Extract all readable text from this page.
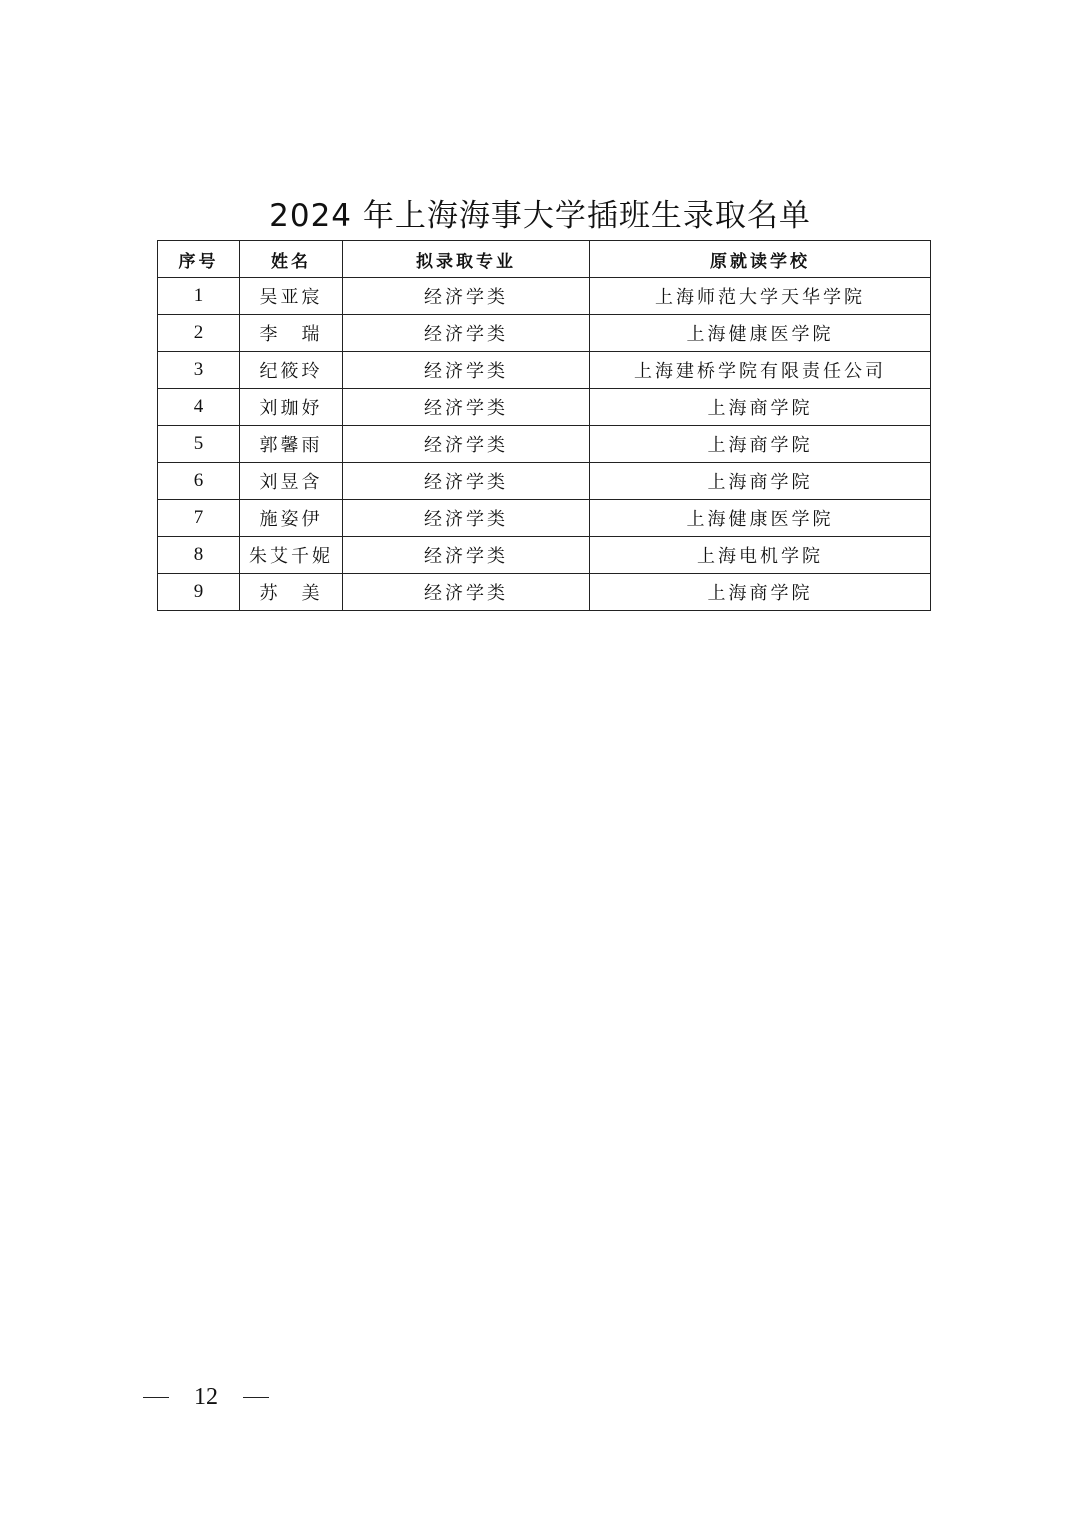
2024 年上海海事大学插班生录取名单
序号	姓名	拟录取专业	原就读学校
1	吴亚宸	经济学类	上海师范大学天华学院
2	李　瑞	经济学类	上海健康医学院
3	纪筱玲	经济学类	上海建桥学院有限责任公司
4	刘珈妤	经济学类	上海商学院
5	郭馨雨	经济学类	上海商学院
6	刘昱含	经济学类	上海商学院
7	施姿伊	经济学类	上海健康医学院
8	朱艾千妮	经济学类	上海电机学院
9	苏　美	经济学类	上海商学院
12
